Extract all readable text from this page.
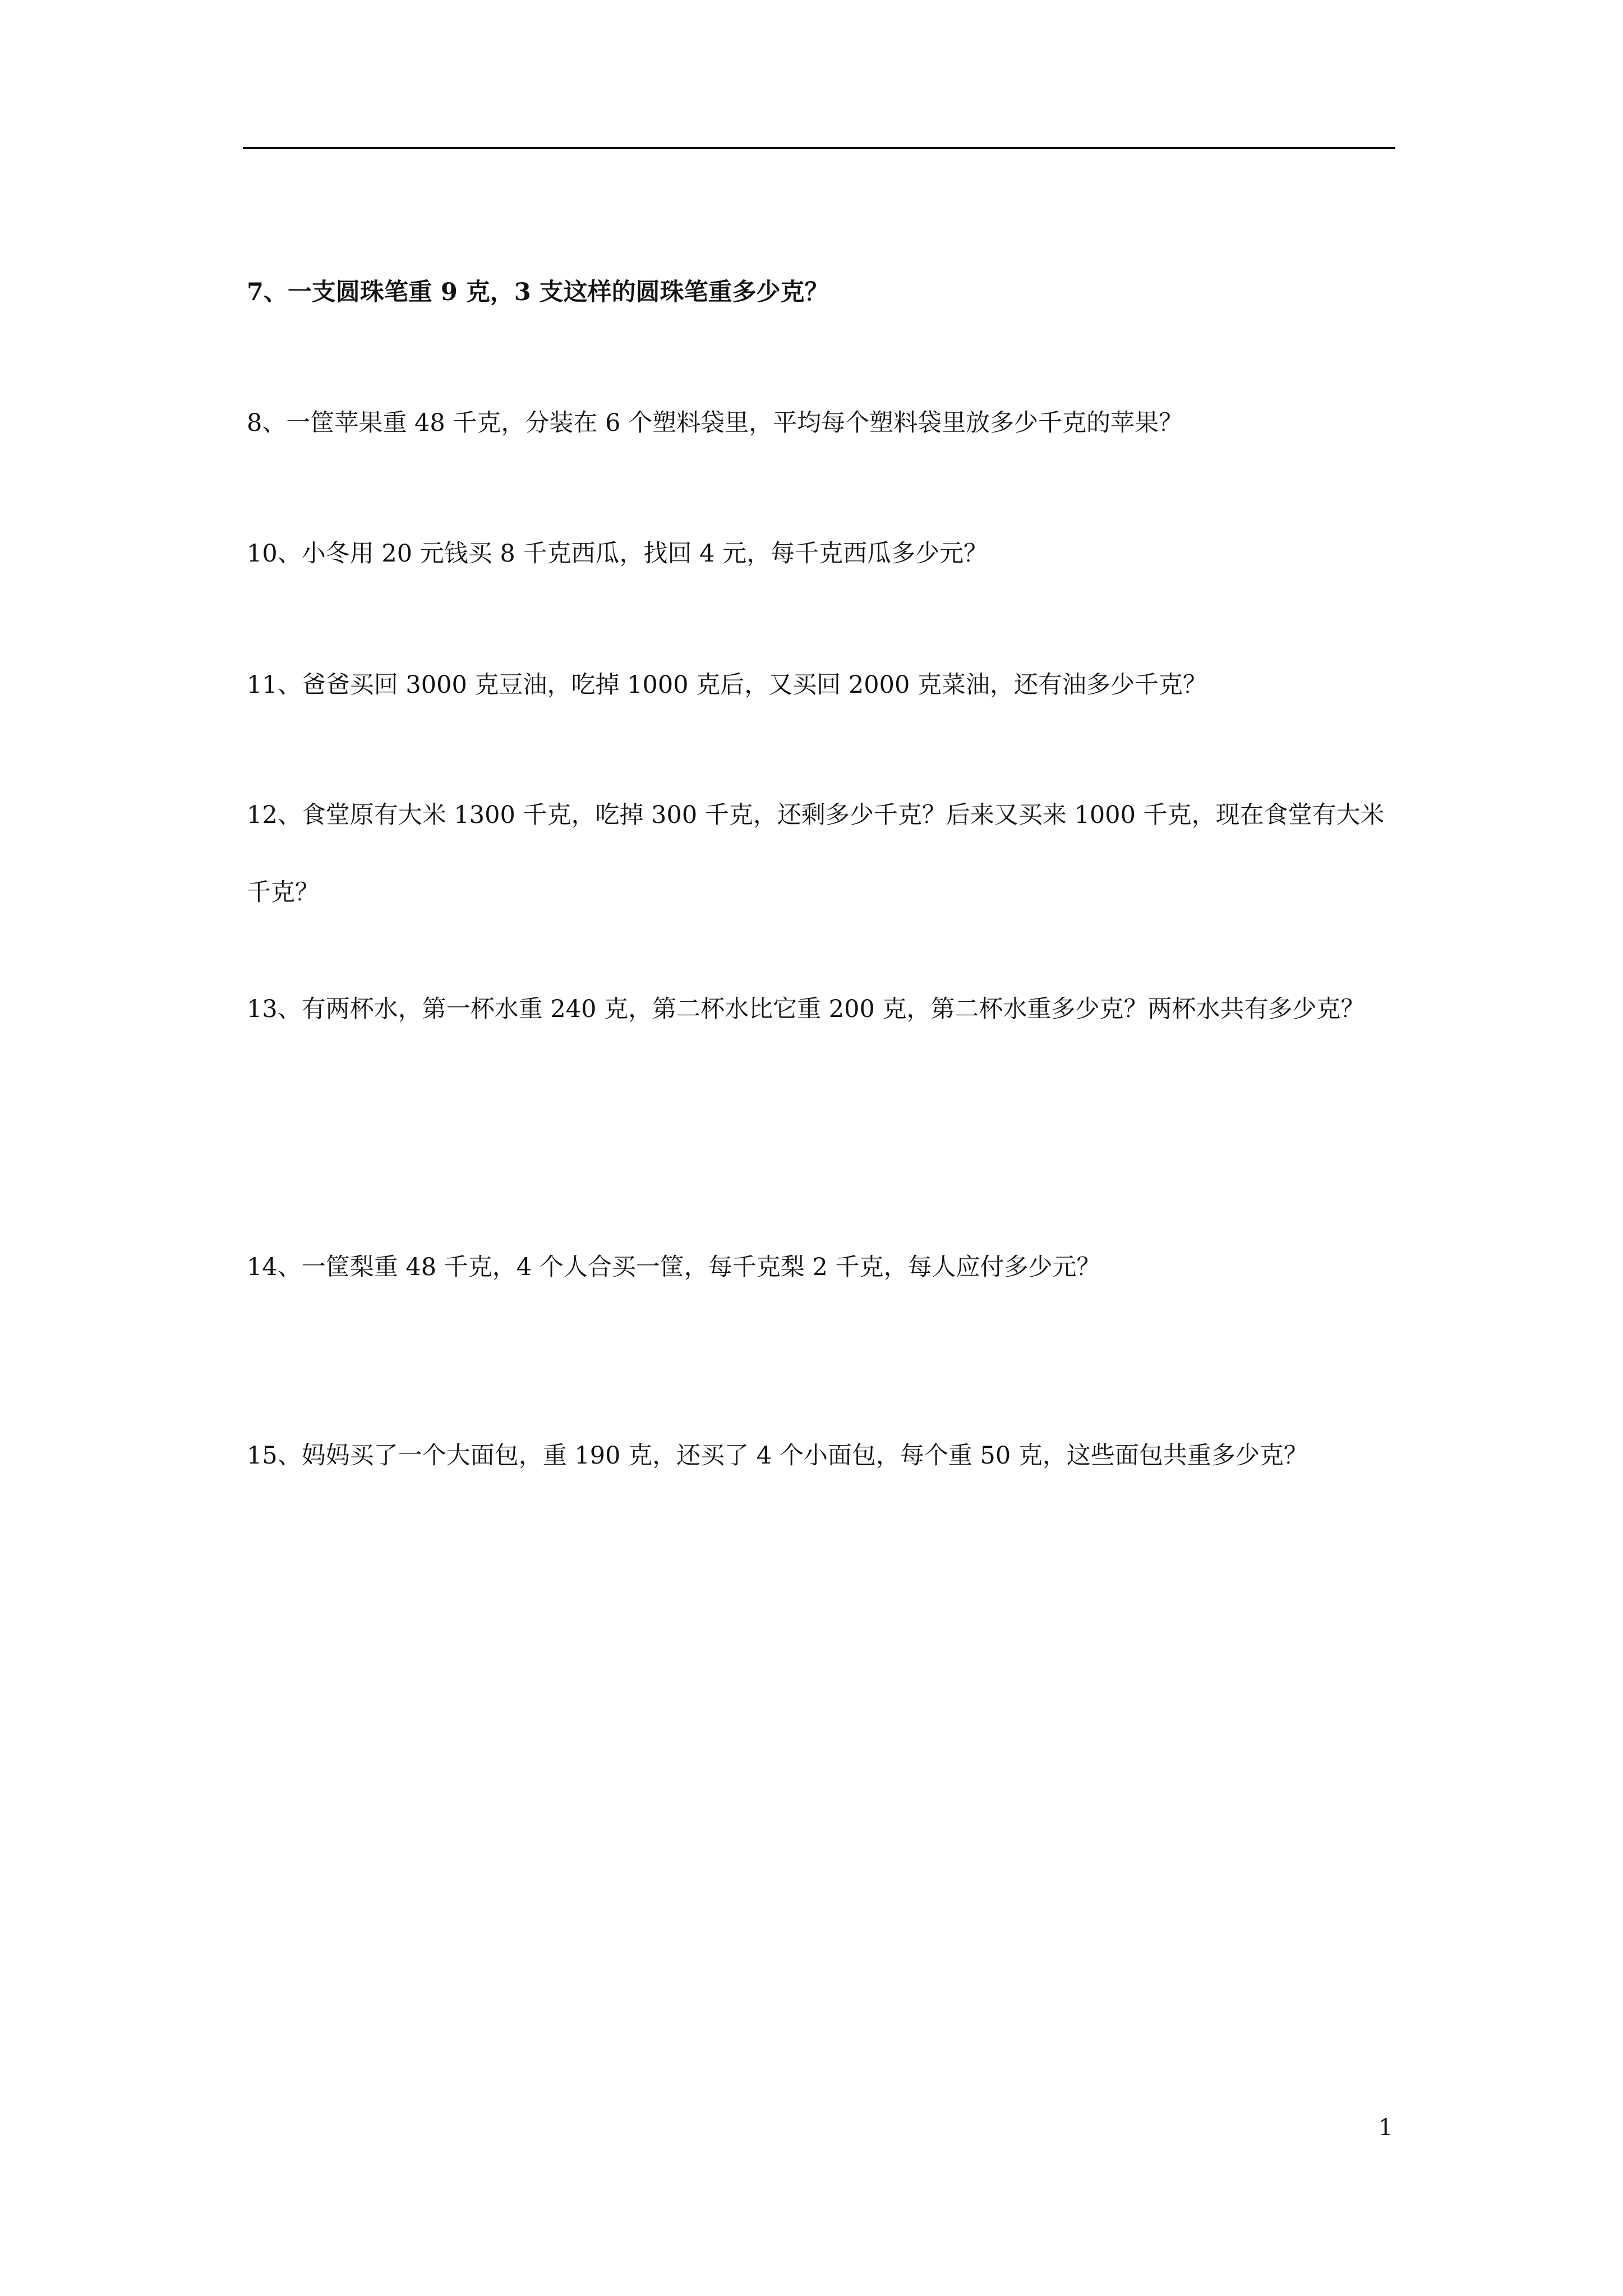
7、一支圆珠笔重 9 克，3 支这样的圆珠笔重多少克？

8、一筐苹果重 48 千克，分装在 6 个塑料袋里，平均每个塑料袋里放多少千克的苹果？

10、小冬用 20 元钱买 8 千克西瓜，找回 4 元，每千克西瓜多少元？

11、爸爸买回 3000 克豆油，吃掉 1000 克后，又买回 2000 克菜油，还有油多少千克？

12、食堂原有大米 1300 千克，吃掉 300 千克，还剩多少千克？后来又买来 1000 千克，现在食堂有大米千克？

13、有两杯水，第一杯水重 240 克，第二杯水比它重 200 克，第二杯水重多少克？两杯水共有多少克？

14、一筐梨重 48 千克，4 个人合买一筐，每千克梨 2 千克，每人应付多少元？

15、妈妈买了一个大面包，重 190 克，还买了 4 个小面包，每个重 50 克，这些面包共重多少克？

1
